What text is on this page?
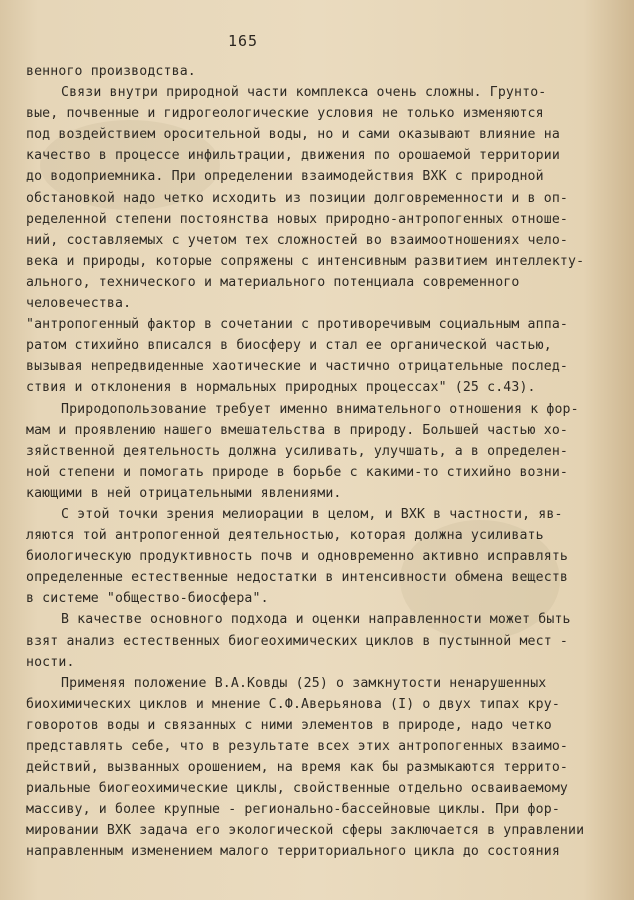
165
венного производства.
Связи внутри природной части комплекса очень сложны. Грунто-
вые, почвенные и гидрогеологические условия не только изменяются
под воздействием оросительной воды, но и сами оказывают влияние на
качество в процессе инфильтрации, движения по орошаемой территории
до водоприемника. При определении взаимодействия ВХК с природной
обстановкой надо четко исходить из позиции долговременности и в оп-
ределенной степени постоянства новых природно-антропогенных отноше-
ний, составляемых с учетом тех сложностей во взаимоотношениях чело-
века и природы, которые сопряжены с интенсивным развитием интеллекту-
ального, технического и материального потенциала современного
человечества.
"антропогенный фактор в сочетании с противоречивым социальным аппа-
ратом стихийно вписался в биосферу и стал ее органической частью,
вызывая непредвиденные хаотические и частично отрицательные послед-
ствия и отклонения в нормальных природных процессах" (25 с.43).
Природопользование требует именно внимательного отношения к фор-
мам и проявлению нашего вмешательства в природу. Большей частью хо-
зяйственной деятельность должна усиливать, улучшать, а в определен-
ной степени и помогать природе в борьбе с какими-то стихийно возни-
кающими в ней отрицательными явлениями.
С этой точки зрения мелиорации в целом, и ВХК в частности, яв-
ляются той антропогенной деятельностью, которая должна усиливать
биологическую продуктивность почв и одновременно активно исправлять
определенные естественные недостатки в интенсивности обмена веществ
в системе "общество-биосфера".
В качестве основного подхода и оценки направленности может быть
взят анализ естественных биогеохимических циклов в пустынной мест -
ности.
Применяя положение В.А.Ковды (25) о замкнутости ненарушенных
биохимических циклов и мнение С.Ф.Аверьянова (I) о двух типах кру-
говоротов воды и связанных с ними элементов в природе, надо четко
представлять себе, что в результате всех этих антропогенных взаимо-
действий, вызванных орошением, на время как бы размыкаются террито-
риальные биогеохимические циклы, свойственные отдельно осваиваемому
массиву, и более крупные - регионально-бассейновые циклы. При фор-
мировании ВХК задача его экологической сферы заключается в управлении
направленным изменением малого территориального цикла до состояния
